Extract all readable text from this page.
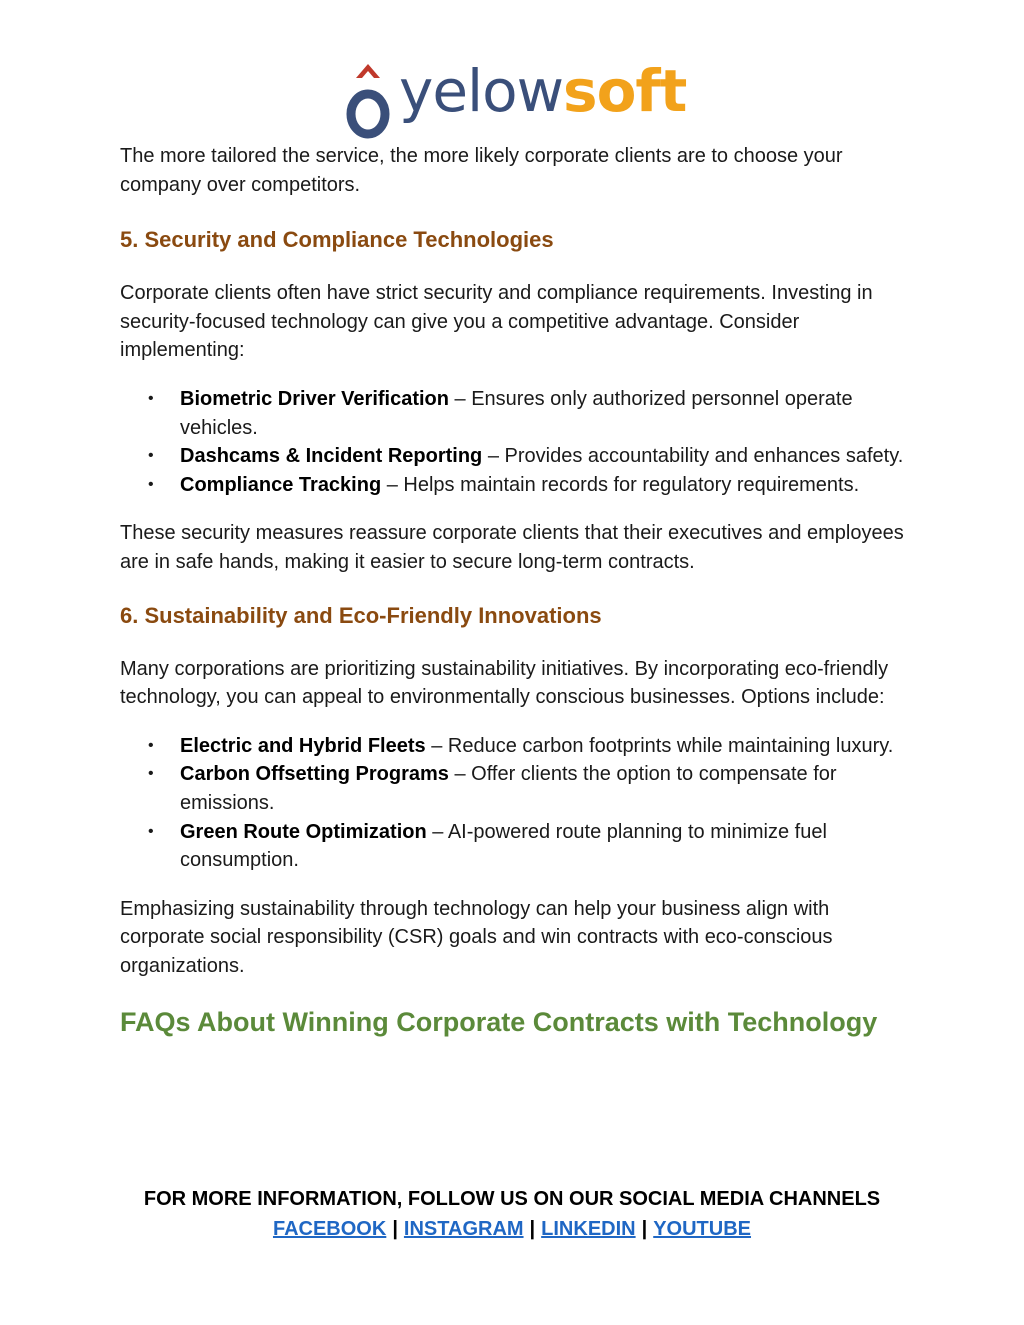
yelowsoft

The more tailored the service, the more likely corporate clients are to choose your company over competitors.

5. Security and Compliance Technologies

Corporate clients often have strict security and compliance requirements. Investing in security-focused technology can give you a competitive advantage. Consider implementing:

• Biometric Driver Verification – Ensures only authorized personnel operate vehicles.
• Dashcams & Incident Reporting – Provides accountability and enhances safety.
• Compliance Tracking – Helps maintain records for regulatory requirements.

These security measures reassure corporate clients that their executives and employees are in safe hands, making it easier to secure long-term contracts.

6. Sustainability and Eco-Friendly Innovations

Many corporations are prioritizing sustainability initiatives. By incorporating eco-friendly technology, you can appeal to environmentally conscious businesses. Options include:

• Electric and Hybrid Fleets – Reduce carbon footprints while maintaining luxury.
• Carbon Offsetting Programs – Offer clients the option to compensate for emissions.
• Green Route Optimization – AI-powered route planning to minimize fuel consumption.

Emphasizing sustainability through technology can help your business align with corporate social responsibility (CSR) goals and win contracts with eco-conscious organizations.

FAQs About Winning Corporate Contracts with Technology
FOR MORE INFORMATION, FOLLOW US ON OUR SOCIAL MEDIA CHANNELS
FACEBOOK | INSTAGRAM | LINKEDIN | YOUTUBE
